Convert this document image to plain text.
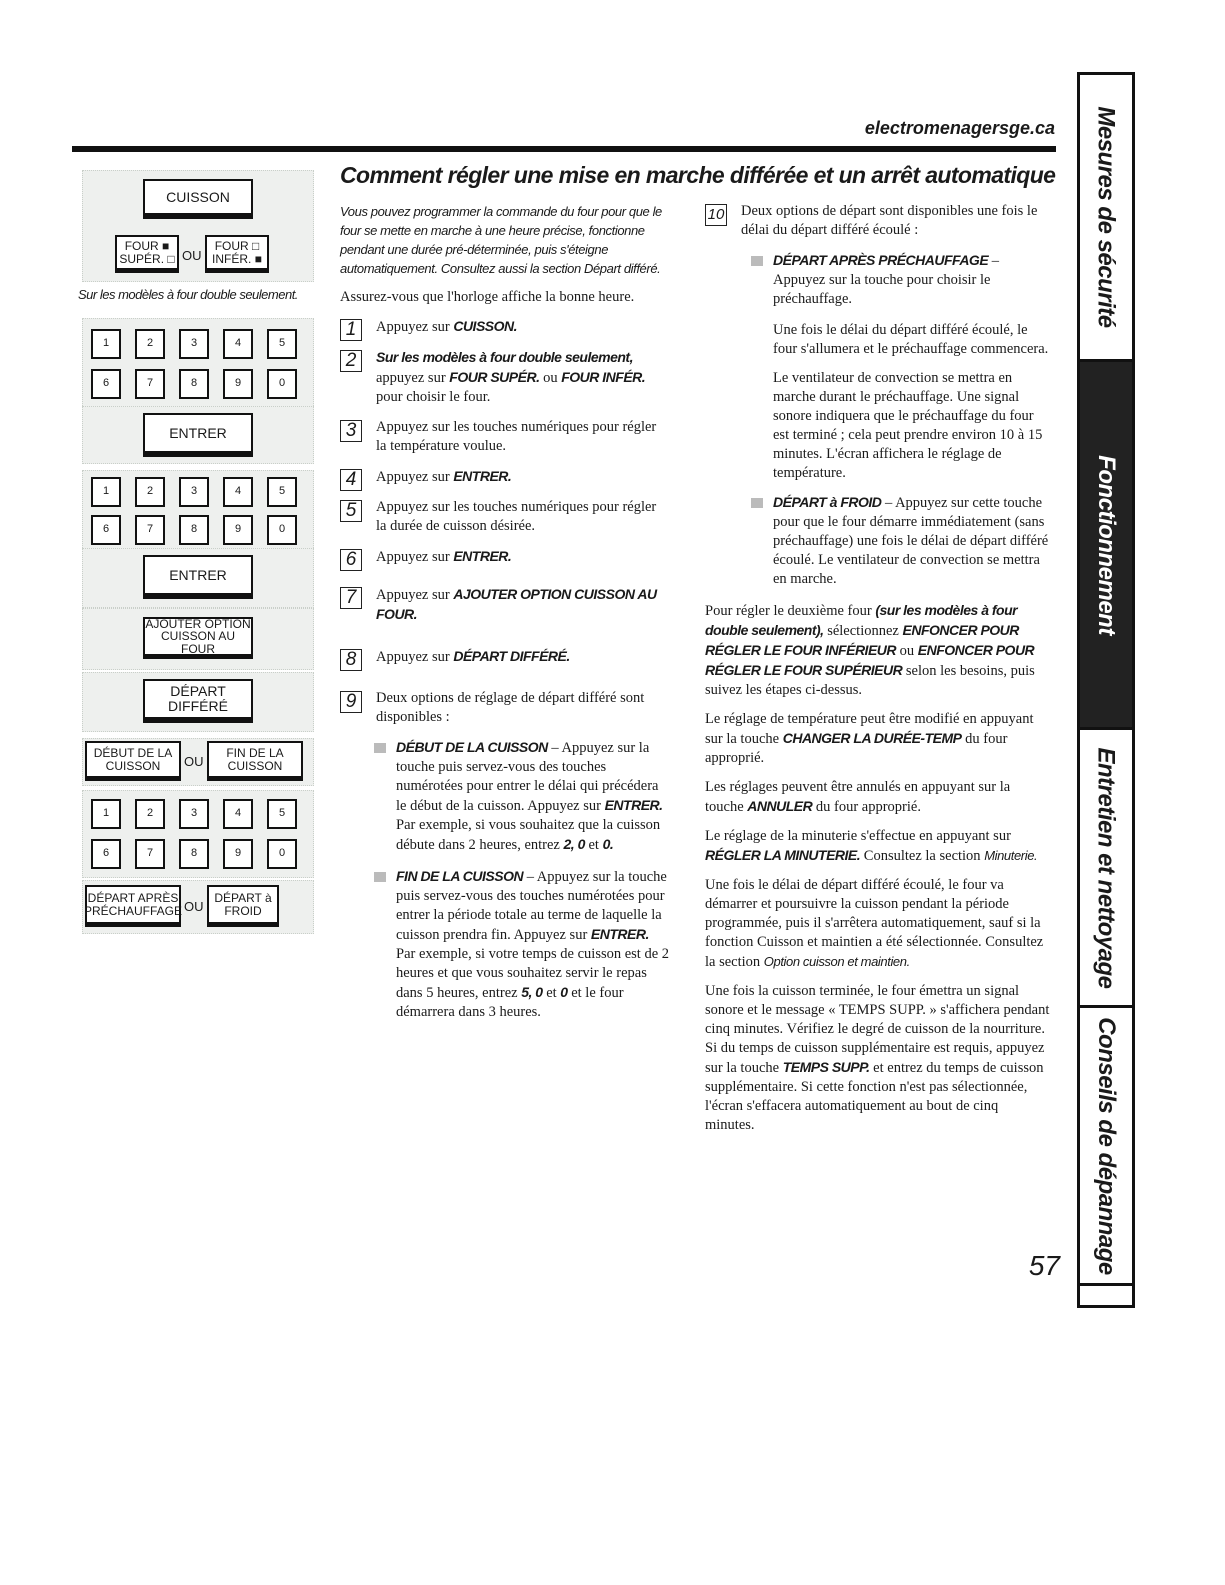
electromenagersge.ca
Comment régler une mise en marche différée et un arrêt automatique Mesures de sécurité
Fonctionnement
Entretien et nettoyage
Conseils de dépannage
57
CUISSON
FOUR ■ SUPÉR. □ OU
FOUR □ INFÉR. ■
Sur les modèles à four double seulement.
1	2	3	4	5
6	7	8	9	0
ENTRER
1	2	3	4	5
6	7	8	9	0
ENTRER
AJOUTER OPTION CUISSON AU FOUR
DÉPART DIFFÉRÉ
DÉBUT DE LA CUISSON	OU
FIN DE LA CUISSON
1	2	3	4	5
6	7	8	9	0
DÉPART APRÈS PRÉCHAUFFAGE OU
DÉPART à FROID

Vous pouvez programmer la commande du four pour que le four se mette en marche à une heure précise, fonctionne pendant une durée pré-déterminée, puis s'éteigne automatiquement. Consultez aussi la section Départ différé.

Assurez-vous que l'horloge affiche la bonne heure.

1	Appuyez sur CUISSON.
2	Sur les modèles à four double seulement,
appuyez sur FOUR SUPÉR. ou FOUR INFÉR.
pour choisir le four.
3	Appuyez sur les touches numériques pour régler la température voulue.
4	Appuyez sur ENTRER.
5	Appuyez sur les touches numériques pour régler la durée de cuisson désirée.
6	Appuyez sur ENTRER.
7	Appuyez sur AJOUTER OPTION CUISSON AU FOUR.
8	Appuyez sur DÉPART DIFFÉRÉ.
9	Deux options de réglage de départ différé sont disponibles :
DÉBUT DE LA CUISSON – Appuyez sur la touche puis servez-vous des touches numérotées pour entrer le délai qui précédera le début de la cuisson. Appuyez sur ENTRER. Par exemple, si vous souhaitez que la cuisson débute dans 2 heures, entrez 2, 0 et 0.
FIN DE LA CUISSON – Appuyez sur la touche puis servez-vous des touches numérotées pour entrer la période totale au terme de laquelle la cuisson prendra fin. Appuyez sur ENTRER. Par exemple, si votre temps de cuisson est de 2 heures et que vous souhaitez servir le repas dans 5 heures, entrez 5, 0 et 0 et le four démarrera dans 3 heures.
10 Deux options de départ sont disponibles une fois le délai du départ différé écoulé :
DÉPART APRÈS PRÉCHAUFFAGE – Appuyez sur la touche pour choisir le préchauffage.

Une fois le délai du départ différé écoulé, le four s'allumera et le préchauffage commencera.

Le ventilateur de convection se mettra en marche durant le préchauffage. Une signal sonore indiquera que le préchauffage du four est terminé ; cela peut prendre environ 10 à 15 minutes. L'écran affichera le réglage de température.

DÉPART à FROID – Appuyez sur cette touche pour que le four démarre immédiatement (sans préchauffage) une fois le délai de départ différé écoulé. Le ventilateur de convection se mettra en marche.

Pour régler le deuxième four (sur les modèles à four double seulement), sélectionnez ENFONCER POUR RÉGLER LE FOUR INFÉRIEUR ou ENFONCER POUR RÉGLER LE FOUR SUPÉRIEUR selon les besoins, puis suivez les étapes ci-dessus.

Le réglage de température peut être modifié en appuyant sur la touche CHANGER LA DURÉE-TEMP du four approprié.

Les réglages peuvent être annulés en appuyant sur la touche ANNULER du four approprié.

Le réglage de la minuterie s'effectue en appuyant sur RÉGLER LA MINUTERIE. Consultez la section Minuterie.

Une fois le délai de départ différé écoulé, le four va démarrer et poursuivre la cuisson pendant la période programmée, puis il s'arrêtera automatiquement, sauf si la fonction Cuisson et maintien a été sélectionnée. Consultez la section Option cuisson et maintien.

Une fois la cuisson terminée, le four émettra un signal sonore et le message « TEMPS SUPP. » s'affichera pendant cinq minutes. Vérifiez le degré de cuisson de la nourriture. Si du temps de cuisson supplémentaire est requis, appuyez sur la touche TEMPS SUPP. et entrez du temps de cuisson supplémentaire. Si cette fonction n'est pas sélectionnée, l'écran s'effacera automatiquement au bout de cinq minutes.
